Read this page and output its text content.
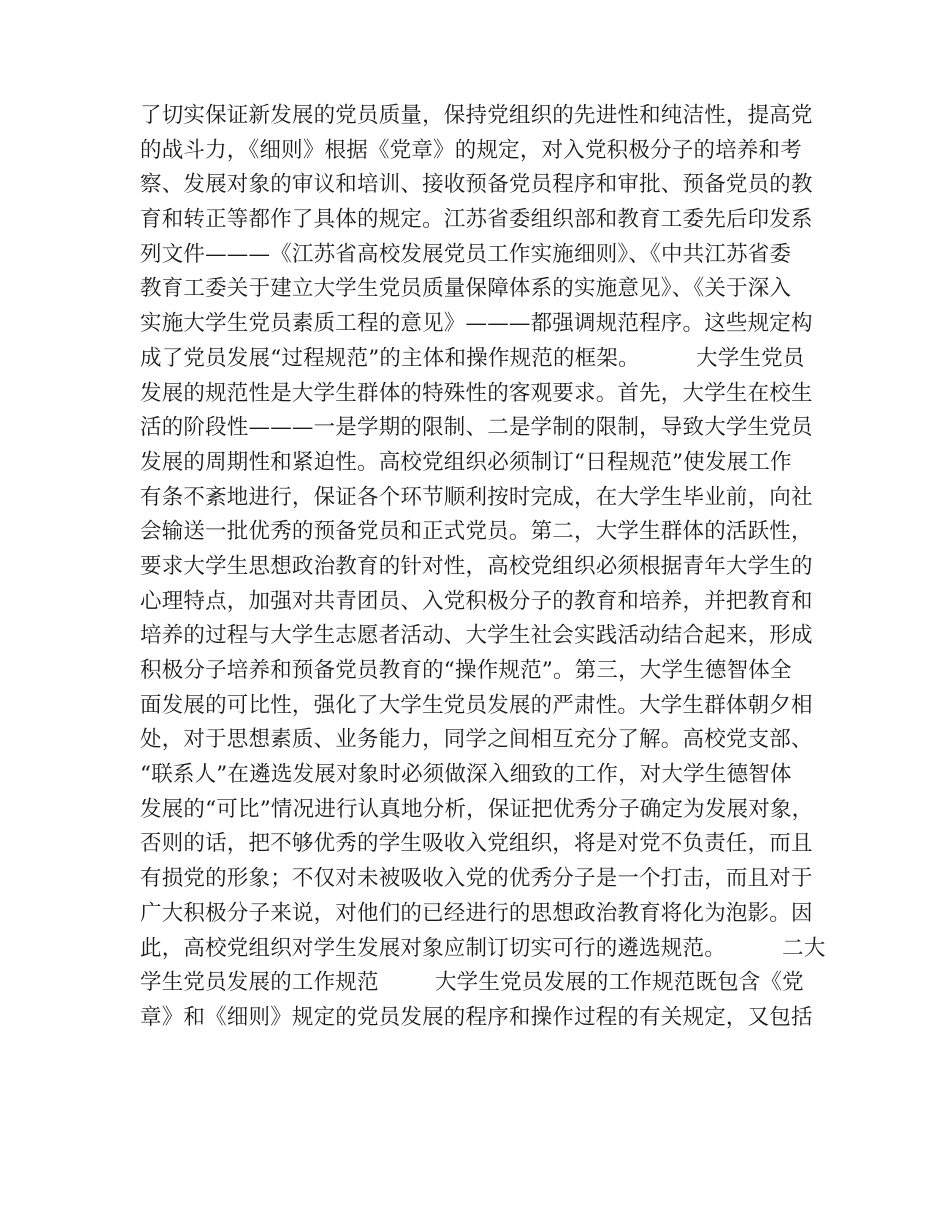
了切实保证新发展的党员质量，保持党组织的先进性和纯洁性，提高党
的战斗力，《细则》根据《党章》的规定，对入党积极分子的培养和考
察、发展对象的审议和培训、接收预备党员程序和审批、预备党员的教
育和转正等都作了具体的规定。江苏省委组织部和教育工委先后印发系
列文件———《江苏省高校发展党员工作实施细则》、《中共江苏省委
教育工委关于建立大学生党员质量保障体系的实施意见》、《关于深入
实施大学生党员素质工程的意见》———都强调规范程序。这些规定构
成了党员发展“过程规范”的主体和操作规范的框架。        大学生党员
发展的规范性是大学生群体的特殊性的客观要求。首先，大学生在校生
活的阶段性———一是学期的限制、二是学制的限制，导致大学生党员
发展的周期性和紧迫性。高校党组织必须制订“日程规范”使发展工作
有条不紊地进行，保证各个环节顺利按时完成，在大学生毕业前，向社
会输送一批优秀的预备党员和正式党员。第二，大学生群体的活跃性，
要求大学生思想政治教育的针对性，高校党组织必须根据青年大学生的
心理特点，加强对共青团员、入党积极分子的教育和培养，并把教育和
培养的过程与大学生志愿者活动、大学生社会实践活动结合起来，形成
积极分子培养和预备党员教育的“操作规范”。第三，大学生德智体全
面发展的可比性，强化了大学生党员发展的严肃性。大学生群体朝夕相
处，对于思想素质、业务能力，同学之间相互充分了解。高校党支部、
“联系人”在遴选发展对象时必须做深入细致的工作，对大学生德智体
发展的“可比”情况进行认真地分析，保证把优秀分子确定为发展对象，
否则的话，把不够优秀的学生吸收入党组织，将是对党不负责任，而且
有损党的形象；不仅对未被吸收入党的优秀分子是一个打击，而且对于
广大积极分子来说，对他们的已经进行的思想政治教育将化为泡影。因
此，高校党组织对学生发展对象应制订切实可行的遴选规范。        二大
学生党员发展的工作规范        大学生党员发展的工作规范既包含《党
章》和《细则》规定的党员发展的程序和操作过程的有关规定，又包括
